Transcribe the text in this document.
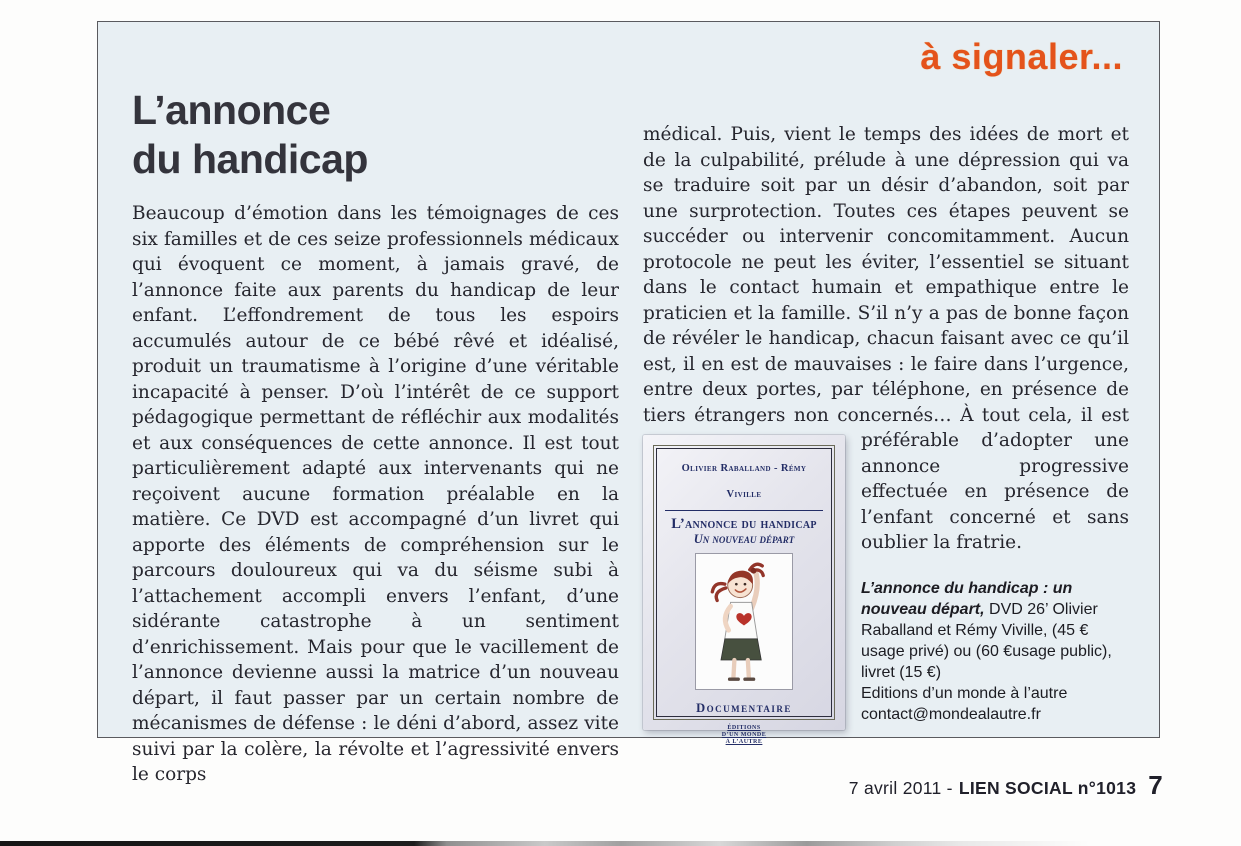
à signaler...
L’annonce
du handicap
Beaucoup d’émotion dans les témoignages de ces six familles et de ces seize professionnels médicaux qui évoquent ce moment, à jamais gravé, de l’annonce faite aux parents du handicap de leur enfant. L’effondrement de tous les espoirs accumulés autour de ce bébé rêvé et idéalisé, produit un traumatisme à l’origine d’une véritable incapacité à penser. D’où l’intérêt de ce support pédagogique permettant de réfléchir aux modalités et aux conséquences de cette annonce. Il est tout particulièrement adapté aux intervenants qui ne reçoivent aucune formation préalable en la matière. Ce DVD est accompagné d’un livret qui apporte des éléments de compréhension sur le parcours douloureux qui va du séisme subi à l’attachement accompli envers l’enfant, d’une sidérante catastrophe à un sentiment d’enrichissement. Mais pour que le vacillement de l’annonce devienne aussi la matrice d’un nouveau départ, il faut passer par un certain nombre de mécanismes de défense : le déni d’abord, assez vite suivi par la colère, la révolte et l’agressivité envers le corps
médical. Puis, vient le temps des idées de mort et de la culpabilité, prélude à une dépression qui va se traduire soit par un désir d’abandon, soit par une surprotection. Toutes ces étapes peuvent se succéder ou intervenir concomitamment. Aucun protocole ne peut les éviter, l’essentiel se situant dans le contact humain et empathique entre le praticien et la famille. S’il n’y a pas de bonne façon de révéler le handicap, chacun faisant avec ce qu’il est, il en est de mauvaises : le faire dans l’urgence, entre deux portes, par téléphone, en présence de tiers étrangers non concernés… À tout
Olivier Raballand - Rémy Viville
L’annonce du handicap
Un nouveau départ
Documentaire
ÉDITIONS
D’UN MONDE
À L’AUTRE
cela, il est préférable d’adopter une annonce progressive effectuée en présence de l’enfant concerné et sans oublier la fratrie.

L’annonce du handicap : un nouveau départ, DVD 26’ Olivier Raballand et Rémy Viville, (45 € usage privé) ou (60 €usage public), livret (15 €)

Editions d’un monde à l’autre
contact@mondealautre.fr
7 avril 2011 - LIEN SOCIAL n°1013 7
